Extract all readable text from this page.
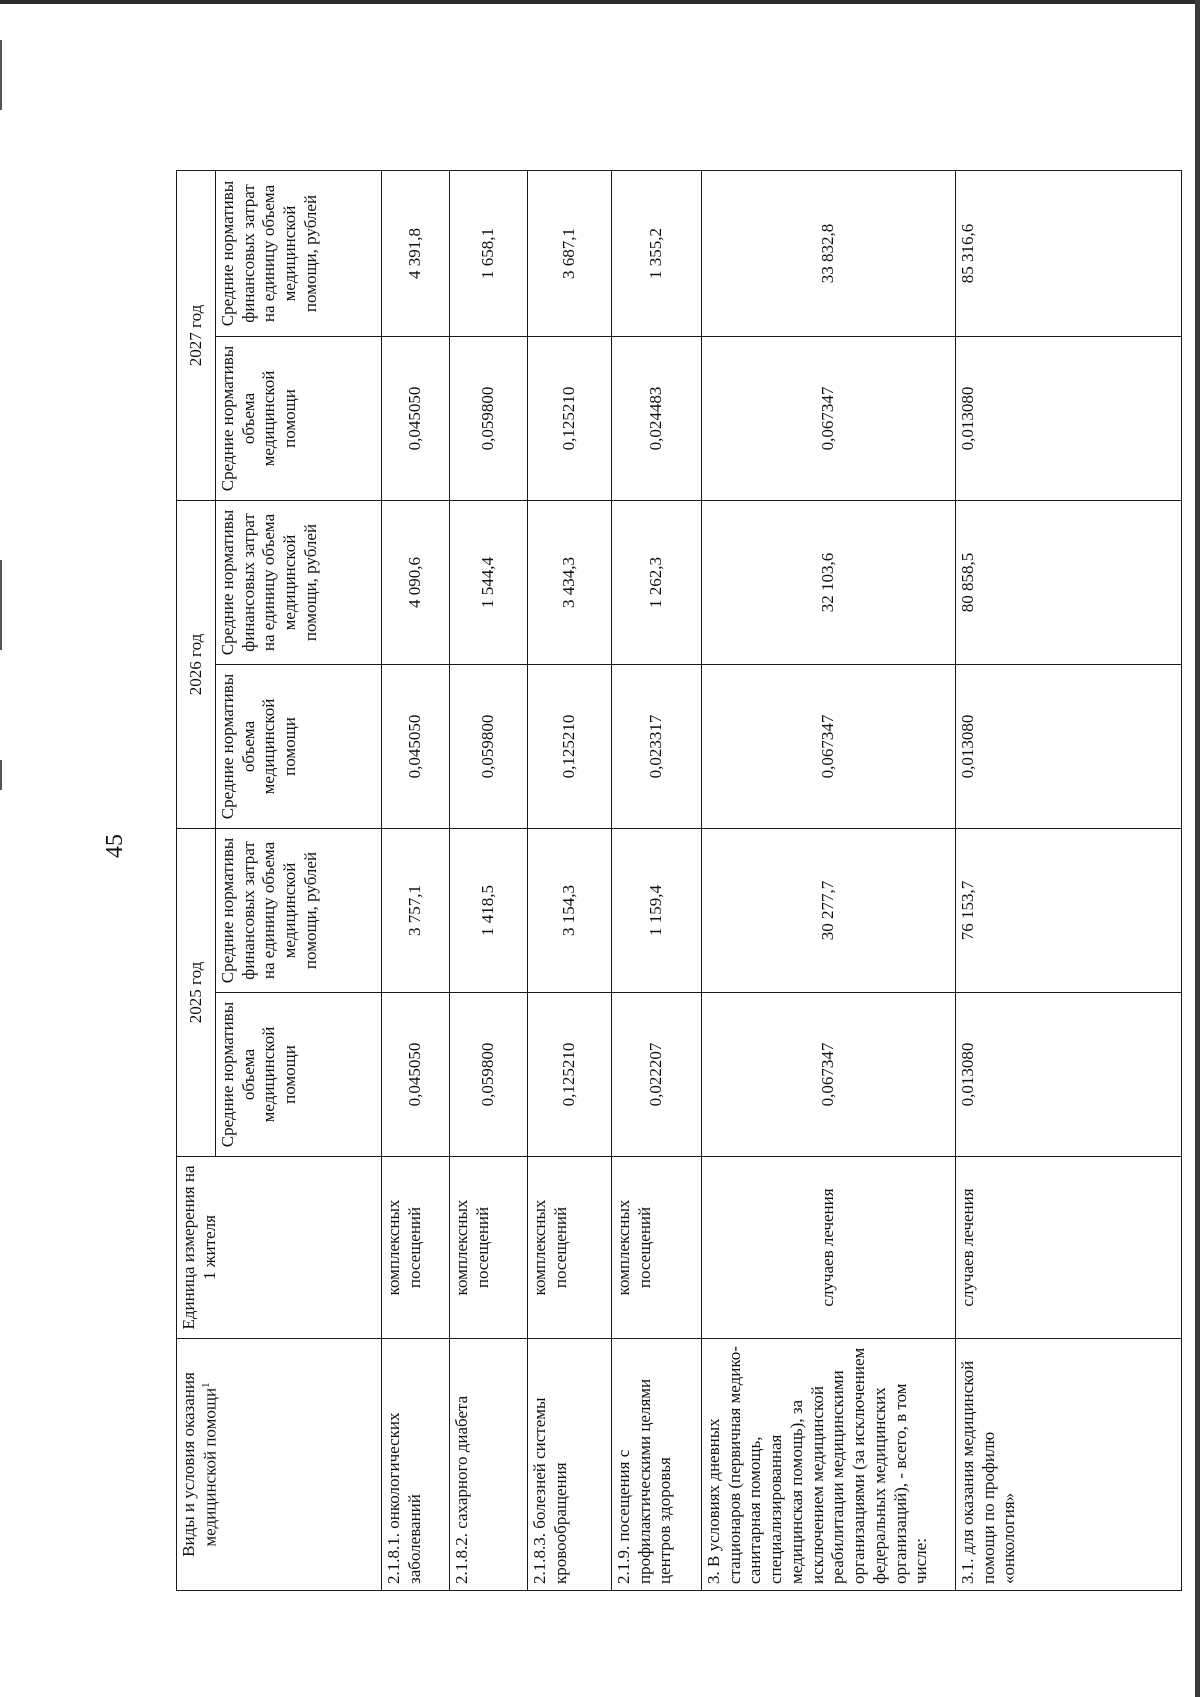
45
Виды и условия оказания медицинской помощи$^1$	Единица измерения на 1 жителя	2025 год		2026 год		2027 год	
		Средние нормативы объема медицинской помощи	Средние нормативы финансовых затрат на единицу объема медицинской помощи, рублей	Средние нормативы объема медицинской помощи	Средние нормативы финансовых затрат на единицу объема медицинской помощи, рублей	Средние нормативы объема медицинской помощи	Средние нормативы финансовых затрат на единицу объема медицинской помощи, рублей
2.1.8.1. онкологических заболеваний	комплексных посещений	0,045050	3 757,1	0,045050	4 090,6	0,045050	4 391,8
2.1.8.2. сахарного диабета	комплексных посещений	0,059800	1 418,5	0,059800	1 544,4	0,059800	1 658,1
2.1.8.3. болезней системы кровообращения	комплексных посещений	0,125210	3 154,3	0,125210	3 434,3	0,125210	3 687,1
2.1.9. посещения с профилактическими целями центров здоровья	комплексных посещений	0,022207	1 159,4	0,023317	1 262,3	0,024483	1 355,2
3. В условиях дневных стационаров (первичная медико-санитарная помощь, специализированная медицинская помощь), за исключением медицинской реабилитации медицинскими организациями (за исключением федеральных медицинских организаций), - всего, в том числе:	случаев лечения	0,067347	30 277,7	0,067347	32 103,6	0,067347	33 832,8
3.1. для оказания медицинской помощи по профилю «онкология»	случаев лечения	0,013080	76 153,7	0,013080	80 858,5	0,013080	85 316,6
